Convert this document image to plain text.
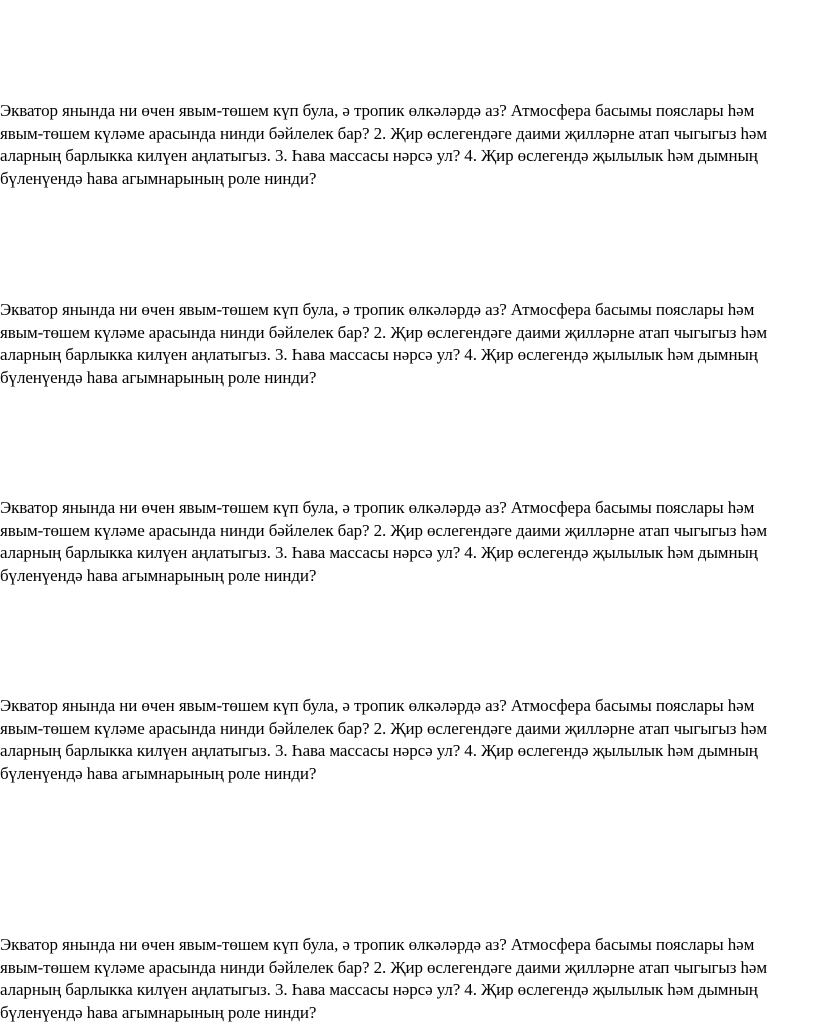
Экватор янында ни өчен явым-төшем күп була, ә тропик өлкәләрдә аз? Атмосфера басымы пояслары һәм
явым-төшем күләме арасында нинди бәйлелек бар? 2. Җир өслегендәге даими җилләрне атап чыгыгыз һәм
аларның барлыкка килүен аңлатыгыз. 3. Һава массасы нәрсә ул? 4. Җир өслегендә җылылык һәм дымның
бүленүендә һава агымнарының роле нинди?

Экватор янында ни өчен явым-төшем күп була, ә тропик өлкәләрдә аз? Атмосфера басымы пояслары һәм
явым-төшем күләме арасында нинди бәйлелек бар? 2. Җир өслегендәге даими җилләрне атап чыгыгыз һәм
аларның барлыкка килүен аңлатыгыз. 3. Һава массасы нәрсә ул? 4. Җир өслегендә җылылык һәм дымның
бүленүендә һава агымнарының роле нинди?

Экватор янында ни өчен явым-төшем күп була, ә тропик өлкәләрдә аз? Атмосфера басымы пояслары һәм
явым-төшем күләме арасында нинди бәйлелек бар? 2. Җир өслегендәге даими җилләрне атап чыгыгыз һәм
аларның барлыкка килүен аңлатыгыз. 3. Һава массасы нәрсә ул? 4. Җир өслегендә җылылык һәм дымның
бүленүендә һава агымнарының роле нинди?

Экватор янында ни өчен явым-төшем күп була, ә тропик өлкәләрдә аз? Атмосфера басымы пояслары һәм
явым-төшем күләме арасында нинди бәйлелек бар? 2. Җир өслегендәге даими җилләрне атап чыгыгыз һәм
аларның барлыкка килүен аңлатыгыз. 3. Һава массасы нәрсә ул? 4. Җир өслегендә җылылык һәм дымның
бүленүендә һава агымнарының роле нинди?

Экватор янында ни өчен явым-төшем күп була, ә тропик өлкәләрдә аз? Атмосфера басымы пояслары һәм
явым-төшем күләме арасында нинди бәйлелек бар? 2. Җир өслегендәге даими җилләрне атап чыгыгыз һәм
аларның барлыкка килүен аңлатыгыз. 3. Һава массасы нәрсә ул? 4. Җир өслегендә җылылык һәм дымның
бүленүендә һава агымнарының роле нинди?
